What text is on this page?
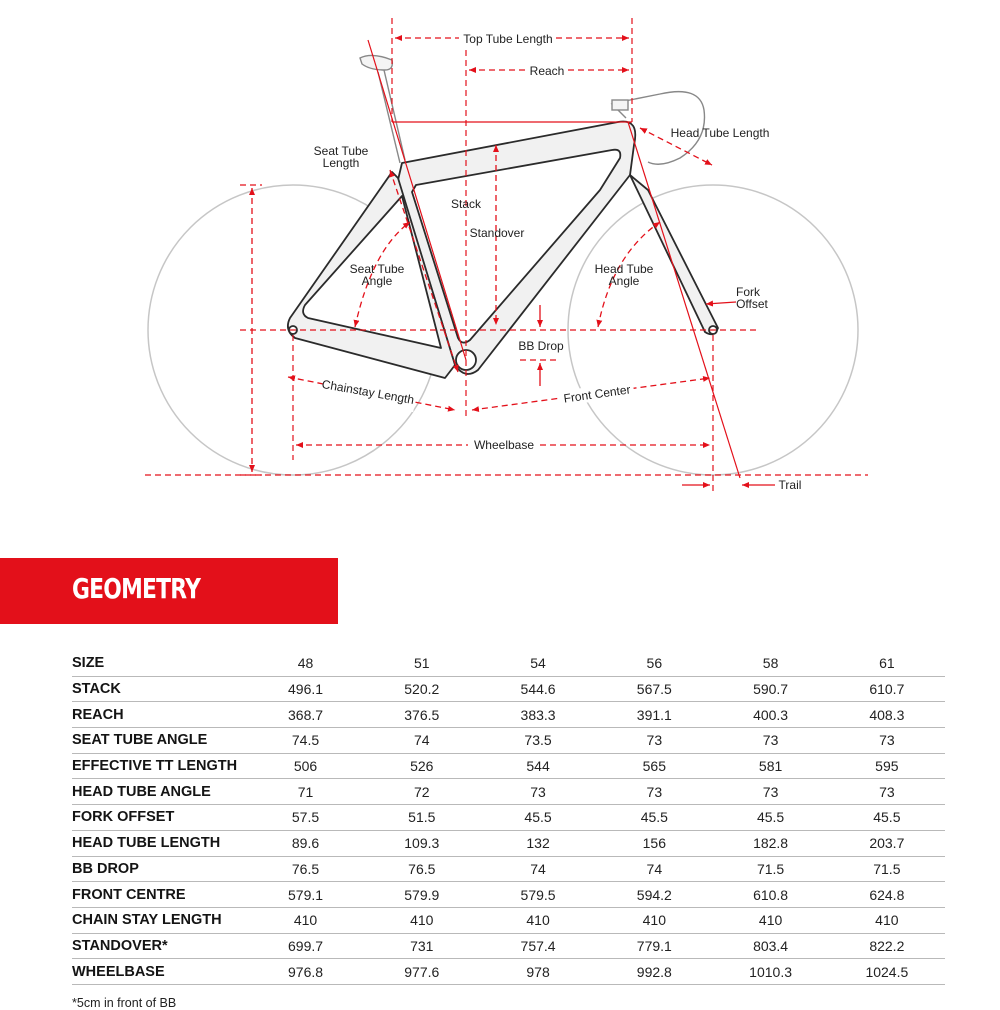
Top Tube Length
Reach
Head Tube Length
Seat Tube
Length
Stack
Standover
Seat Tube
Angle
Head Tube
Angle
Fork
Offset
BB Drop
Chainstay Length	Front Center
Wheelbase
Trail
GEOMETRY
SIZE	48	51	54	56	58	61
STACK	496.1	520.2	544.6	567.5	590.7	610.7
REACH	368.7	376.5	383.3	391.1	400.3	408.3
SEAT TUBE ANGLE	74.5	74	73.5	73	73	73
EFFECTIVE TT LENGTH	506	526	544	565	581	595
HEAD TUBE ANGLE	71	72	73	73	73	73
FORK OFFSET	57.5	51.5	45.5	45.5	45.5	45.5
HEAD TUBE LENGTH	89.6	109.3	132	156	182.8	203.7
BB DROP	76.5	76.5	74	74	71.5	71.5
FRONT CENTRE	579.1	579.9	579.5	594.2	610.8	624.8
CHAIN STAY LENGTH	410	410	410	410	410	410
STANDOVER*	699.7	731	757.4	779.1	803.4	822.2
WHEELBASE	976.8	977.6	978	992.8	1010.3	1024.5
*5cm in front of BB
